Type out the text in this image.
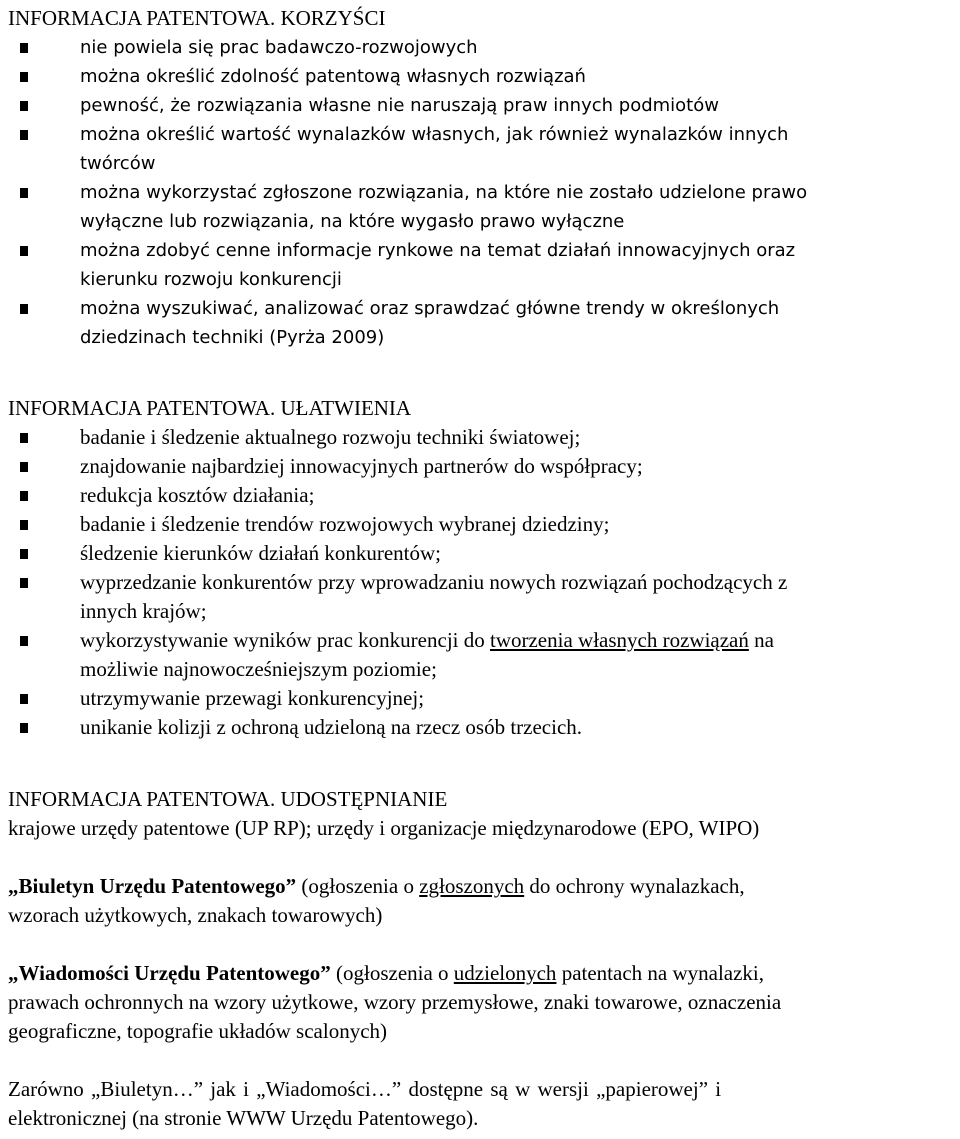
INFORMACJA PATENTOWA. KORZYŚCI
nie powiela się prac badawczo-rozwojowych
można określić zdolność patentową własnych rozwiązań
pewność, że rozwiązania własne nie naruszają praw innych podmiotów
można określić wartość wynalazków własnych, jak również wynalazków innych
twórców
można wykorzystać zgłoszone rozwiązania, na które nie zostało udzielone prawo
wyłączne lub rozwiązania, na które wygasło prawo wyłączne
można zdobyć cenne informacje rynkowe na temat działań innowacyjnych oraz
kierunku rozwoju konkurencji
można wyszukiwać, analizować oraz sprawdzać główne trendy w określonych
dziedzinach techniki (Pyrża 2009)
INFORMACJA PATENTOWA. UŁATWIENIA
badanie i śledzenie aktualnego rozwoju techniki światowej;
znajdowanie najbardziej innowacyjnych partnerów do współpracy;
redukcja kosztów działania;
badanie i śledzenie trendów rozwojowych wybranej dziedziny;
śledzenie kierunków działań konkurentów;
wyprzedzanie konkurentów przy wprowadzaniu nowych rozwiązań pochodzących z
innych krajów;
wykorzystywanie wyników prac konkurencji do tworzenia własnych rozwiązań na
możliwie najnowocześniejszym poziomie;
utrzymywanie przewagi konkurencyjnej;
unikanie kolizji z ochroną udzieloną na rzecz osób trzecich.
INFORMACJA PATENTOWA. UDOSTĘPNIANIE

krajowe urzędy patentowe (UP RP); urzędy i organizacje międzynarodowe (EPO, WIPO)

„Biuletyn Urzędu Patentowego” (ogłoszenia o zgłoszonych do ochrony wynalazkach,

wzorach użytkowych, znakach towarowych)

„Wiadomości Urzędu Patentowego” (ogłoszenia o udzielonych patentach na wynalazki,

prawach ochronnych na wzory użytkowe, wzory przemysłowe, znaki towarowe, oznaczenia

geograficzne, topografie układów scalonych)

Zarówno „Biuletyn…” jak i „Wiadomości…” dostępne są w wersji „papierowej” i

elektronicznej (na stronie WWW Urzędu Patentowego).
